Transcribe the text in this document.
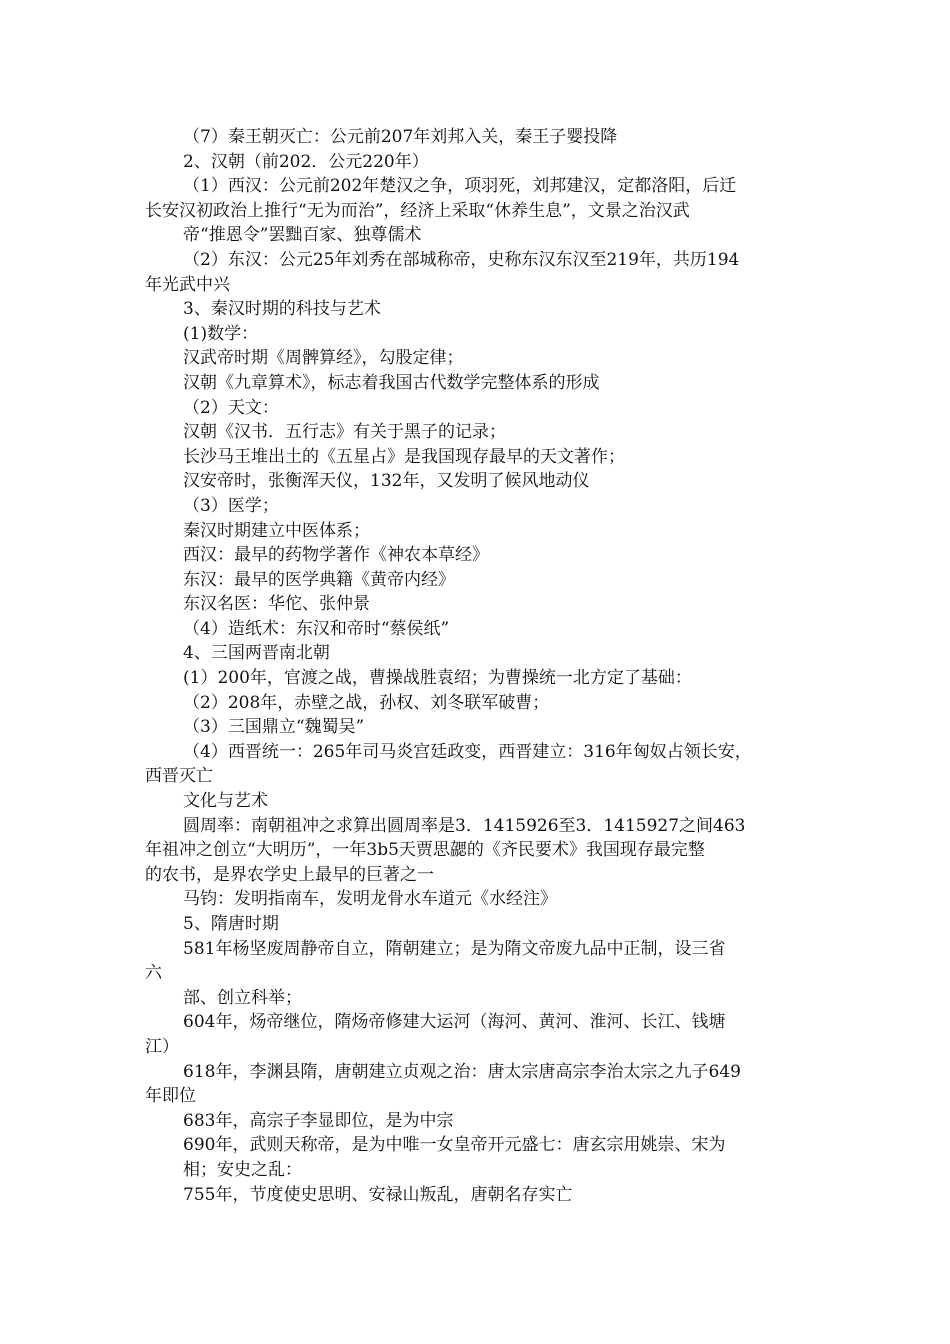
（7）秦王朝灭亡：公元前207年刘邦入关，秦王子婴投降
2、汉朝（前202．公元220年）
（1）西汉：公元前202年楚汉之争，项羽死，刘邦建汉，定都洛阳，后迁
长安汉初政治上推行“无为而治”，经济上采取“休养生息”，文景之治汉武
帝“推恩令”罢黜百家、独尊儒术
（2）东汉：公元25年刘秀在部城称帝，史称东汉东汉至219年，共历194
年光武中兴
3、秦汉时期的科技与艺术
(1)数学：
汉武帝时期《周髀算经》，勾股定律；
汉朝《九章算术》，标志着我国古代数学完整体系的形成
（2）天文：
汉朝《汉书．五行志》有关于黑子的记录；
长沙马王堆出土的《五星占》是我国现存最早的天文著作；
汉安帝时，张衡浑天仪，132年，又发明了候风地动仪
（3）医学；
秦汉时期建立中医体系；
西汉：最早的药物学著作《神农本草经》
东汉：最早的医学典籍《黄帝内经》
东汉名医：华佗、张仲景
（4）造纸术：东汉和帝时“蔡侯纸”
4、三国两晋南北朝
(1）200年，官渡之战，曹操战胜袁绍；为曹操统一北方定了基础：
（2）208年，赤壁之战，孙权、刘冬联军破曹；
（3）三国鼎立“魏蜀吴”
（4）西晋统一：265年司马炎宫廷政变，西晋建立：316年匈奴占领长安，
西晋灭亡
文化与艺术
圆周率：南朝祖冲之求算出圆周率是3．1415926至3．1415927之间463
年祖冲之创立“大明历”，一年3b5天贾思勰的《齐民要术》我国现存最完整
的农书，是界农学史上最早的巨著之一
马钧：发明指南车，发明龙骨水车道元《水经注》
5、隋唐时期
581年杨坚废周静帝自立，隋朝建立；是为隋文帝废九品中正制，设三省
六
部、创立科举；
604年，炀帝继位，隋炀帝修建大运河（海河、黄河、淮河、长江、钱塘
江）
618年，李渊县隋，唐朝建立贞观之治：唐太宗唐高宗李治太宗之九子649
年即位
683年，高宗子李显即位，是为中宗
690年，武则天称帝，是为中唯一女皇帝开元盛七：唐玄宗用姚崇、宋为
相；安史之乱：
755年，节度使史思明、安禄山叛乱，唐朝名存实亡
